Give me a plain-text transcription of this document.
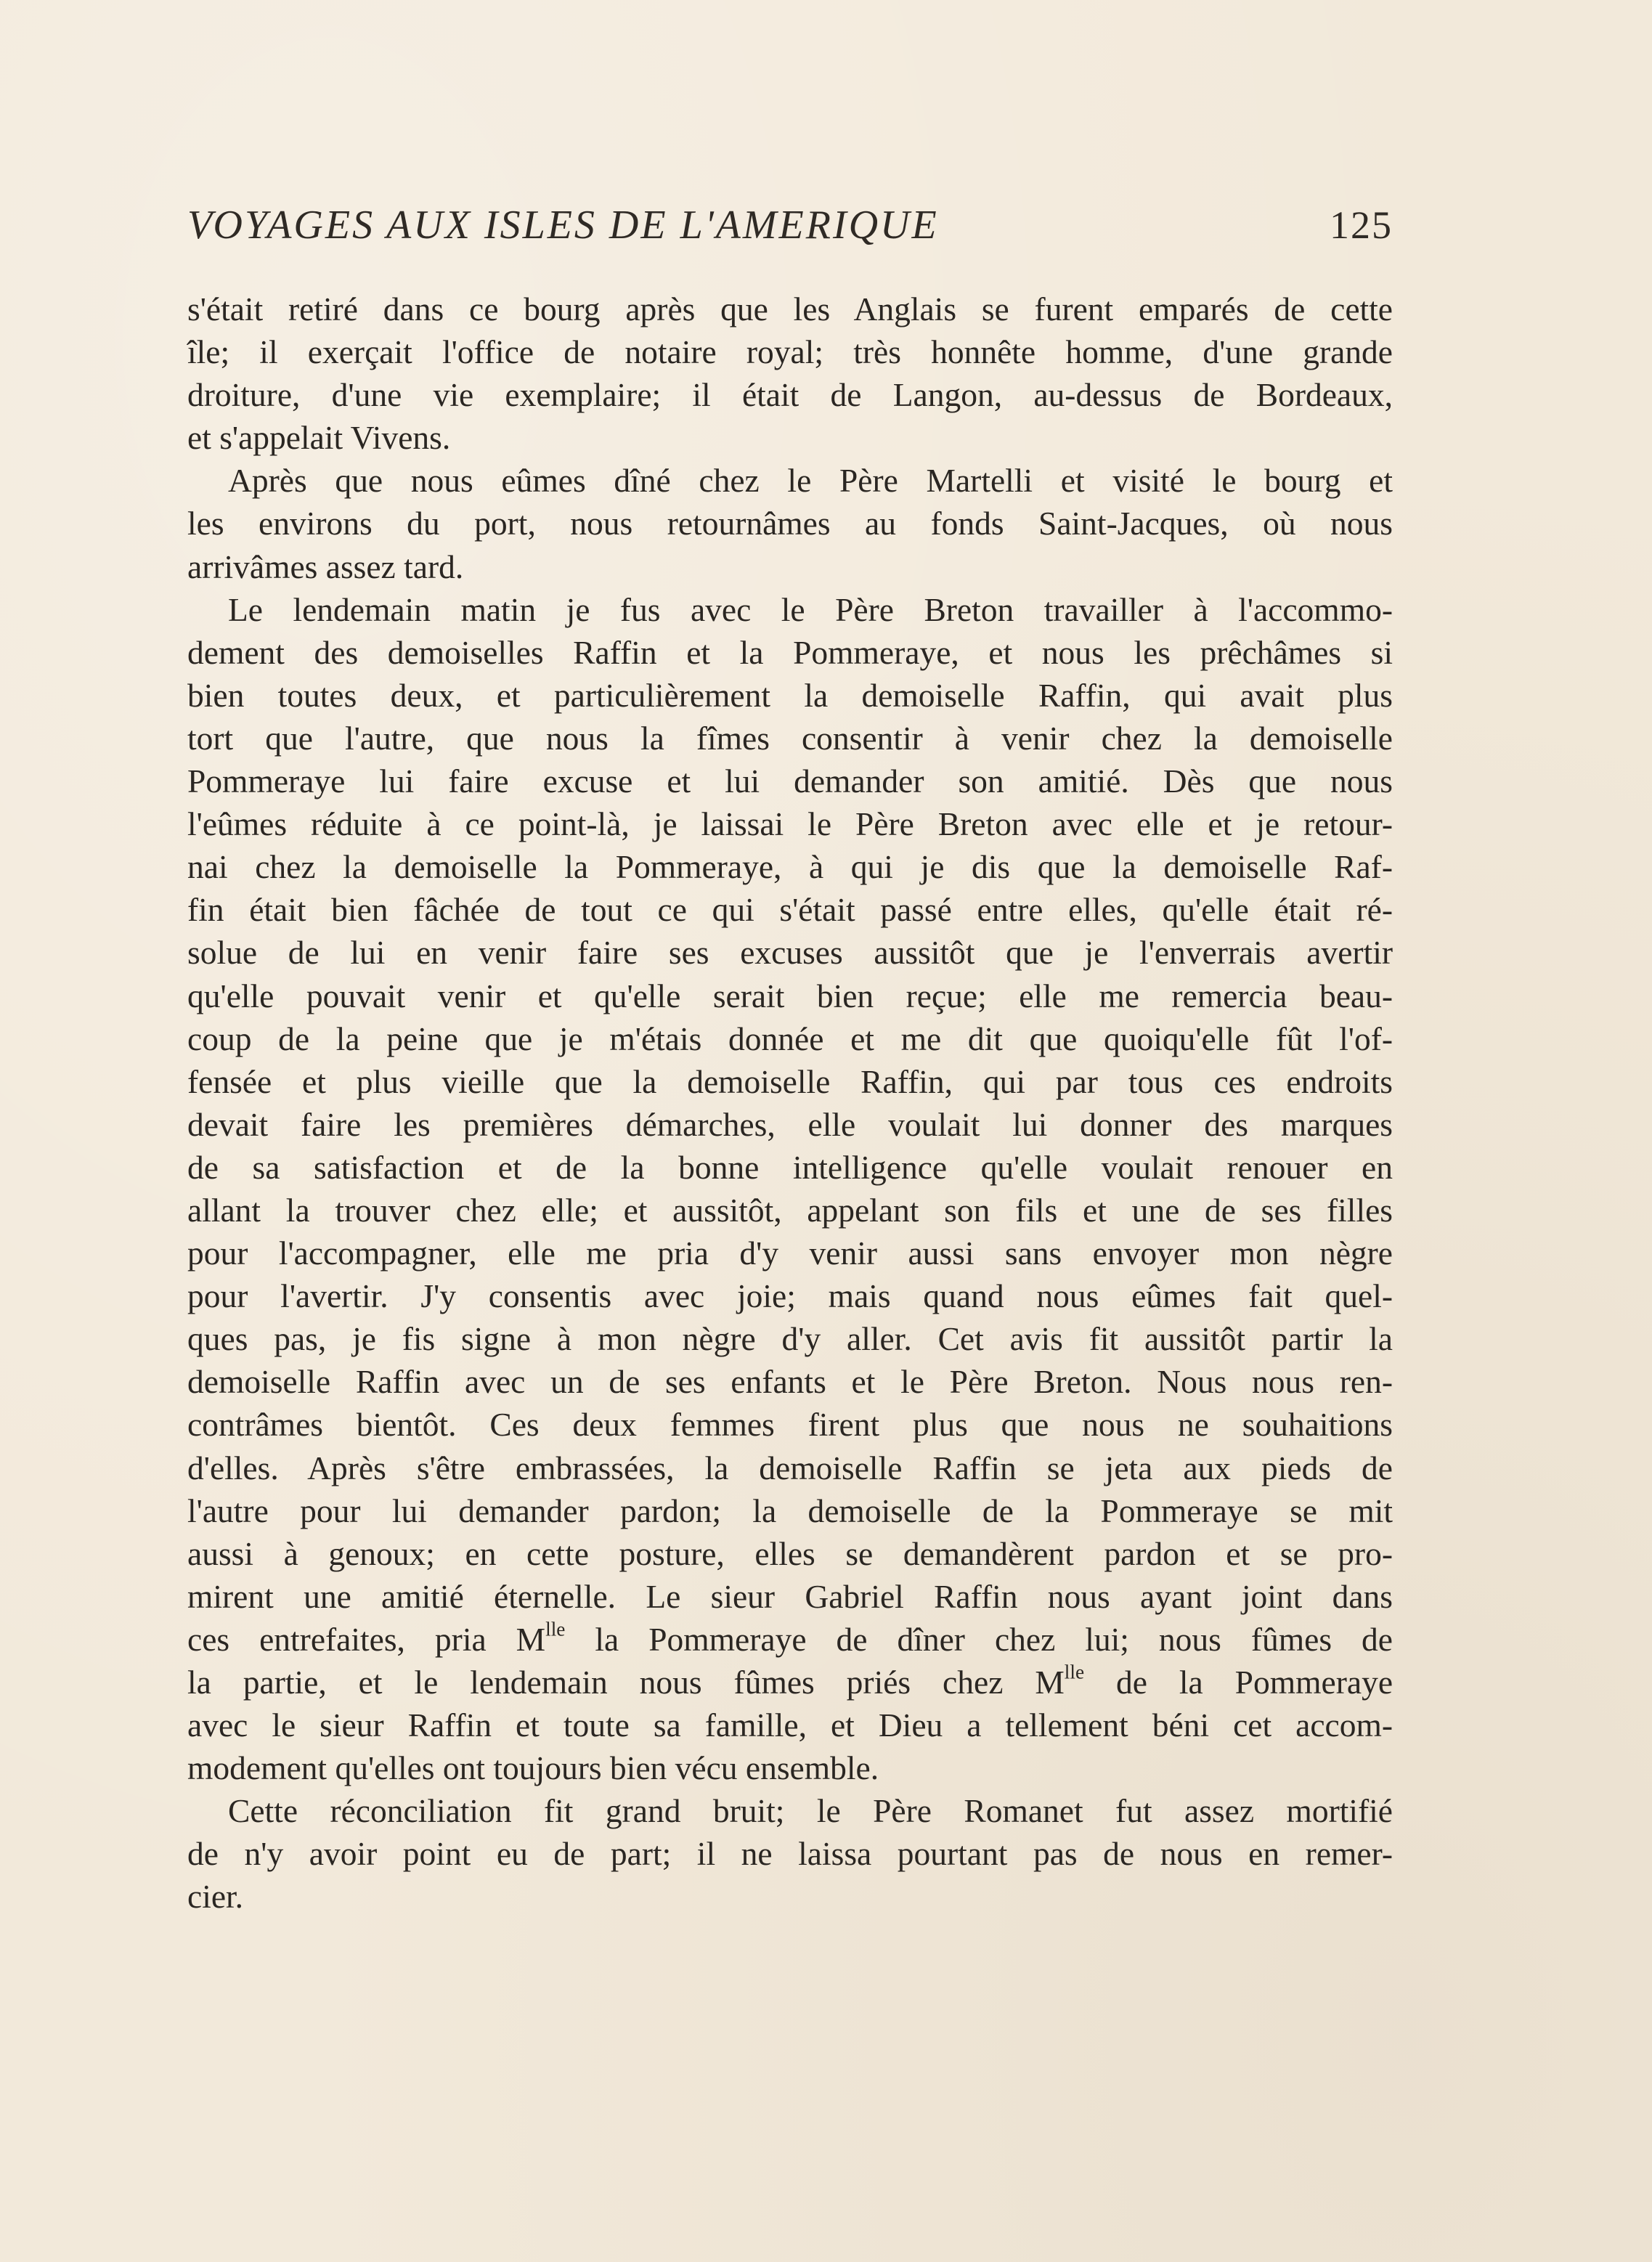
VOYAGES AUX ISLES DE L'AMERIQUE	125

s'était retiré dans ce bourg après que les Anglais se furent emparés de cette

île; il exerçait l'office de notaire royal; très honnête homme, d'une grande

droiture, d'une vie exemplaire; il était de Langon, au-dessus de Bordeaux,

et s'appelait Vivens.

Après que nous eûmes dîné chez le Père Martelli et visité le bourg et

les environs du port, nous retournâmes au fonds Saint-Jacques, où nous

arrivâmes assez tard.

Le lendemain matin je fus avec le Père Breton travailler à l'accommo-

dement des demoiselles Raffin et la Pommeraye, et nous les prêchâmes si

bien toutes deux, et particulièrement la demoiselle Raffin, qui avait plus

tort que l'autre, que nous la fîmes consentir à venir chez la demoiselle

Pommeraye lui faire excuse et lui demander son amitié. Dès que nous

l'eûmes réduite à ce point-là, je laissai le Père Breton avec elle et je retour-

nai chez la demoiselle la Pommeraye, à qui je dis que la demoiselle Raf-

fin était bien fâchée de tout ce qui s'était passé entre elles, qu'elle était ré-

solue de lui en venir faire ses excuses aussitôt que je l'enverrais avertir

qu'elle pouvait venir et qu'elle serait bien reçue; elle me remercia beau-

coup de la peine que je m'étais donnée et me dit que quoiqu'elle fût l'of-

fensée et plus vieille que la demoiselle Raffin, qui par tous ces endroits

devait faire les premières démarches, elle voulait lui donner des marques

de sa satisfaction et de la bonne intelligence qu'elle voulait renouer en

allant la trouver chez elle; et aussitôt, appelant son fils et une de ses filles

pour l'accompagner, elle me pria d'y venir aussi sans envoyer mon nègre

pour l'avertir. J'y consentis avec joie; mais quand nous eûmes fait quel-

ques pas, je fis signe à mon nègre d'y aller. Cet avis fit aussitôt partir la

demoiselle Raffin avec un de ses enfants et le Père Breton. Nous nous ren-

contrâmes bientôt. Ces deux femmes firent plus que nous ne souhaitions

d'elles. Après s'être embrassées, la demoiselle Raffin se jeta aux pieds de

l'autre pour lui demander pardon; la demoiselle de la Pommeraye se mit

aussi à genoux; en cette posture, elles se demandèrent pardon et se pro-

mirent une amitié éternelle. Le sieur Gabriel Raffin nous ayant joint dans

ces entrefaites, pria $M^{lle}$ la Pommeraye de dîner chez lui; nous fûmes de

la partie, et le lendemain nous fûmes priés chez $M^{lle}$ de la Pommeraye

avec le sieur Raffin et toute sa famille, et Dieu a tellement béni cet accom-

modement qu'elles ont toujours bien vécu ensemble.

Cette réconciliation fit grand bruit; le Père Romanet fut assez mortifié

de n'y avoir point eu de part; il ne laissa pourtant pas de nous en remer-

cier.
